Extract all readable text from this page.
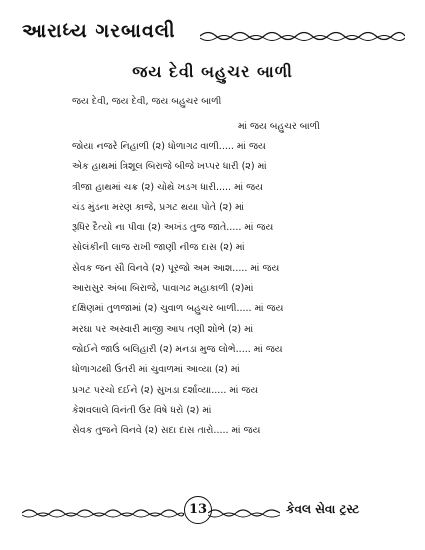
આરાધ્ય ગરબાવલી
જય દેવી બહુચર બાળી
જય દેવી, જય દેવી, જય બહુચર બાળી
માં જય બહુચર બાળી
જોયા નજરે નિહાળી (૨) ધોળાગઢ વાળી..... માં જય
એક હાથમાં ત્રિશૂલ બિરાજે બીજે ખપ્પર ધારી (૨) માં
ત્રીજા હાથમાં ચક્ર (૨) ચોથે ખડગ ધારી..... માં જય
ચંડ મુંડના મરણ કાજે, પ્રગટ થયા પોતે (૨) માં
રૂધિર દૈત્યો ના પીવા (૨) અખંડ તુજ જાતે..... માં જય
સોલંકીની લાજ રાખી જાણી નીજ દાસ (૨) માં
સેવક જન સૌ વિનવે (૨) પૂરજો અમ આશ..... માં જય
આરાસુર અંબા બિરાજે, પાવાગઢ મહાકાળી (૨)માં
દક્ષિણમાં તુળજામાં (૨) ચુવાળ બહુચર બાળી..... માં જય
મરઘા પર અસ્વારી માજી આપ તણી શોભે (૨) માં
જોઈને જાઉં બલિહારી (૨) મનડા મુજ લોભે..... માં જય
ધોળાગઢથી ઉતરી માં ચુવાળમાં આવ્યા (૨) માં
પ્રગટ પરચો દઈને (૨) સુખડા દર્શાવ્યા..... માં જય
કેશવલાલે વિનંતી ઉર વિષે ધરો (૨) માં
સેવક તુજને વિનવે (૨) સદા દાસ તારો..... માં જય
13	કેવલ સેવા ટ્રસ્ટ
